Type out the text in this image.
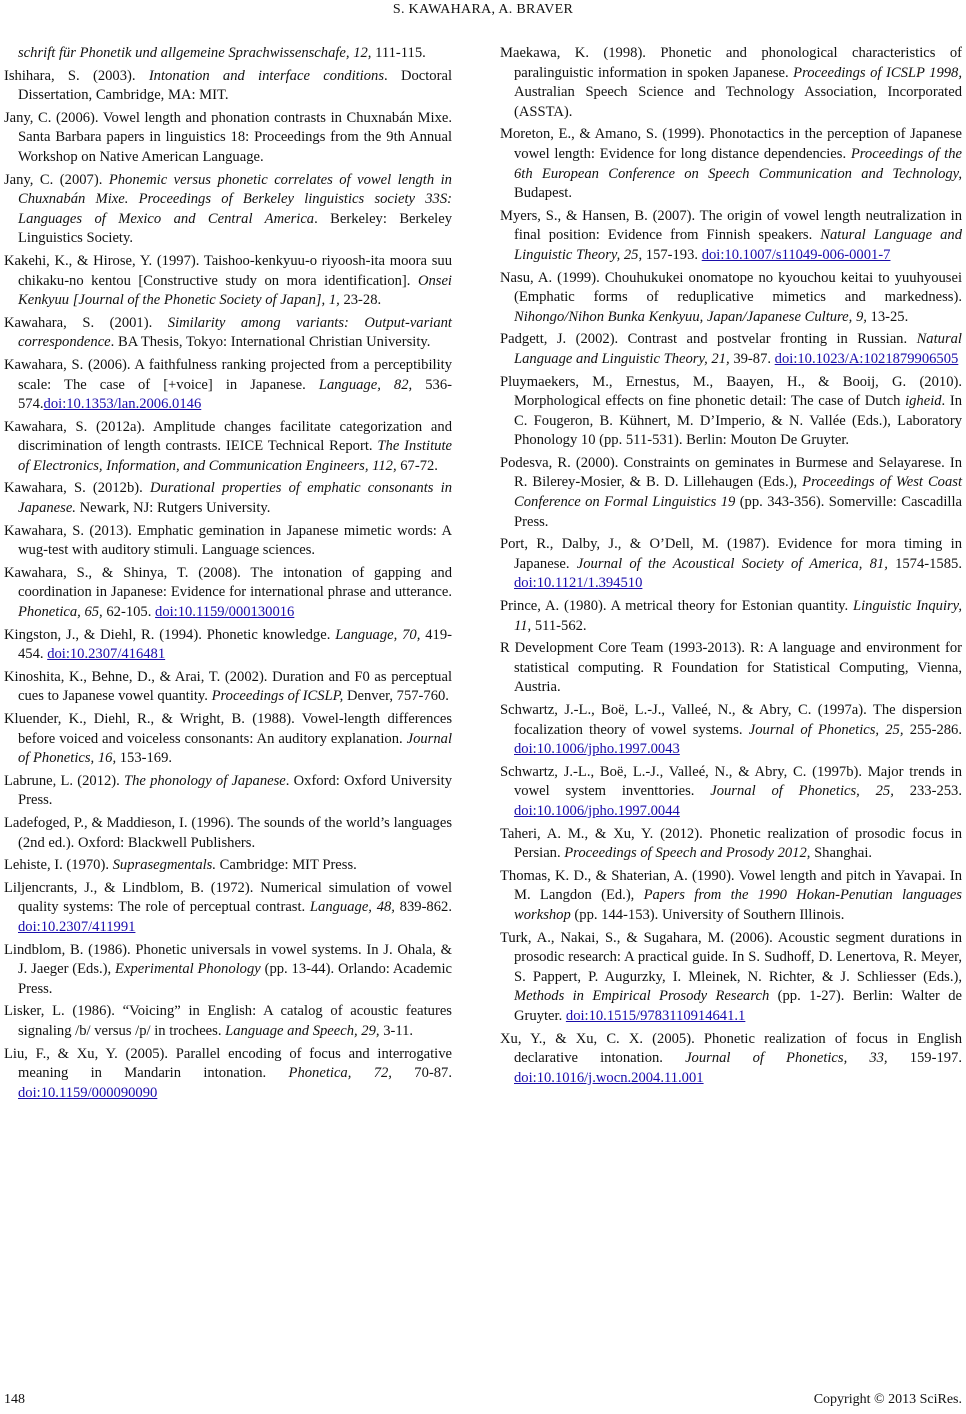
S. KAWAHARA, A. BRAVER

schrift für Phonetik und allgemeine Sprachwissenschafe, 12, 111-115.

Ishihara, S. (2003). Intonation and interface conditions. Doctoral Dissertation, Cambridge, MA: MIT.

Jany, C. (2006). Vowel length and phonation contrasts in Chuxnabán Mixe. Santa Barbara papers in linguistics 18: Proceedings from the 9th Annual Workshop on Native American Language.

Jany, C. (2007). Phonemic versus phonetic correlates of vowel length in Chuxnabán Mixe. Proceedings of Berkeley linguistics society 33S: Languages of Mexico and Central America. Berkeley: Berkeley Linguistics Society.

Kakehi, K., & Hirose, Y. (1997). Taishoo-kenkyuu-o riyoosh-ita moora suu chikaku-no kentou [Constructive study on mora identification]. Onsei Kenkyuu [Journal of the Phonetic Society of Japan], 1, 23-28.

Kawahara, S. (2001). Similarity among variants: Output-variant correspondence. BA Thesis, Tokyo: International Christian University.

Kawahara, S. (2006). A faithfulness ranking projected from a perceptibility scale: The case of [+voice] in Japanese. Language, 82, 536-574.doi:10.1353/lan.2006.0146

Kawahara, S. (2012a). Amplitude changes facilitate categorization and discrimination of length contrasts. IEICE Technical Report. The Institute of Electronics, Information, and Communication Engineers, 112, 67-72.

Kawahara, S. (2012b). Durational properties of emphatic consonants in Japanese. Newark, NJ: Rutgers University.

Kawahara, S. (2013). Emphatic gemination in Japanese mimetic words: A wug-test with auditory stimuli. Language sciences.

Kawahara, S., & Shinya, T. (2008). The intonation of gapping and coordination in Japanese: Evidence for international phrase and utterance. Phonetica, 65, 62-105. doi:10.1159/000130016

Kingston, J., & Diehl, R. (1994). Phonetic knowledge. Language, 70, 419-454. doi:10.2307/416481

Kinoshita, K., Behne, D., & Arai, T. (2002). Duration and F0 as perceptual cues to Japanese vowel quantity. Proceedings of ICSLP, Denver, 757-760.

Kluender, K., Diehl, R., & Wright, B. (1988). Vowel-length differences before voiced and voiceless consonants: An auditory explanation. Journal of Phonetics, 16, 153-169.

Labrune, L. (2012). The phonology of Japanese. Oxford: Oxford University Press.

Ladefoged, P., & Maddieson, I. (1996). The sounds of the world’s languages (2nd ed.). Oxford: Blackwell Publishers.

Lehiste, I. (1970). Suprasegmentals. Cambridge: MIT Press.

Liljencrants, J., & Lindblom, B. (1972). Numerical simulation of vowel quality systems: The role of perceptual contrast. Language, 48, 839-862. doi:10.2307/411991

Lindblom, B. (1986). Phonetic universals in vowel systems. In J. Ohala, & J. Jaeger (Eds.), Experimental Phonology (pp. 13-44). Orlando: Academic Press.

Lisker, L. (1986). “Voicing” in English: A catalog of acoustic features signaling /b/ versus /p/ in trochees. Language and Speech, 29, 3-11.

Liu, F., & Xu, Y. (2005). Parallel encoding of focus and interrogative meaning in Mandarin intonation. Phonetica, 72, 70-87. doi:10.1159/000090090

Maekawa, K. (1998). Phonetic and phonological characteristics of paralinguistic information in spoken Japanese. Proceedings of ICSLP 1998, Australian Speech Science and Technology Association, Incorporated (ASSTA).

Moreton, E., & Amano, S. (1999). Phonotactics in the perception of Japanese vowel length: Evidence for long distance dependencies. Proceedings of the 6th European Conference on Speech Communication and Technology, Budapest.

Myers, S., & Hansen, B. (2007). The origin of vowel length neutralization in final position: Evidence from Finnish speakers. Natural Language and Linguistic Theory, 25, 157-193. doi:10.1007/s11049-006-0001-7

Nasu, A. (1999). Chouhukukei onomatope no kyouchou keitai to yuuhyousei (Emphatic forms of reduplicative mimetics and markedness). Nihongo/Nihon Bunka Kenkyuu, Japan/Japanese Culture, 9, 13-25.

Padgett, J. (2002). Contrast and postvelar fronting in Russian. Natural Language and Linguistic Theory, 21, 39-87. doi:10.1023/A:1021879906505

Pluymaekers, M., Ernestus, M., Baayen, H., & Booij, G. (2010). Morphological effects on fine phonetic detail: The case of Dutch igheid. In C. Fougeron, B. Kühnert, M. D’Imperio, & N. Vallée (Eds.), Laboratory Phonology 10 (pp. 511-531). Berlin: Mouton De Gruyter.

Podesva, R. (2000). Constraints on geminates in Burmese and Selayarese. In R. Bilerey-Mosier, & B. D. Lillehaugen (Eds.), Proceedings of West Coast Conference on Formal Linguistics 19 (pp. 343-356). Somerville: Cascadilla Press.

Port, R., Dalby, J., & O’Dell, M. (1987). Evidence for mora timing in Japanese. Journal of the Acoustical Society of America, 81, 1574-1585. doi:10.1121/1.394510

Prince, A. (1980). A metrical theory for Estonian quantity. Linguistic Inquiry, 11, 511-562.

R Development Core Team (1993-2013). R: A language and environment for statistical computing. R Foundation for Statistical Computing, Vienna, Austria.

Schwartz, J.-L., Boë, L.-J., Valleé, N., & Abry, C. (1997a). The dispersion focalization theory of vowel systems. Journal of Phonetics, 25, 255-286. doi:10.1006/jpho.1997.0043

Schwartz, J.-L., Boë, L.-J., Valleé, N., & Abry, C. (1997b). Major trends in vowel system inventtories. Journal of Phonetics, 25, 233-253. doi:10.1006/jpho.1997.0044

Taheri, A. M., & Xu, Y. (2012). Phonetic realization of prosodic focus in Persian. Proceedings of Speech and Prosody 2012, Shanghai.

Thomas, K. D., & Shaterian, A. (1990). Vowel length and pitch in Yavapai. In M. Langdon (Ed.), Papers from the 1990 Hokan-Penutian languages workshop (pp. 144-153). University of Southern Illinois.

Turk, A., Nakai, S., & Sugahara, M. (2006). Acoustic segment durations in prosodic research: A practical guide. In S. Sudhoff, D. Lenertova, R. Meyer, S. Pappert, P. Augurzky, I. Mleinek, N. Richter, & J. Schliesser (Eds.), Methods in Empirical Prosody Research (pp. 1-27). Berlin: Walter de Gruyter. doi:10.1515/9783110914641.1

Xu, Y., & Xu, C. X. (2005). Phonetic realization of focus in English declarative intonation. Journal of Phonetics, 33, 159-197. doi:10.1016/j.wocn.2004.11.001

148	Copyright © 2013 SciRes.
